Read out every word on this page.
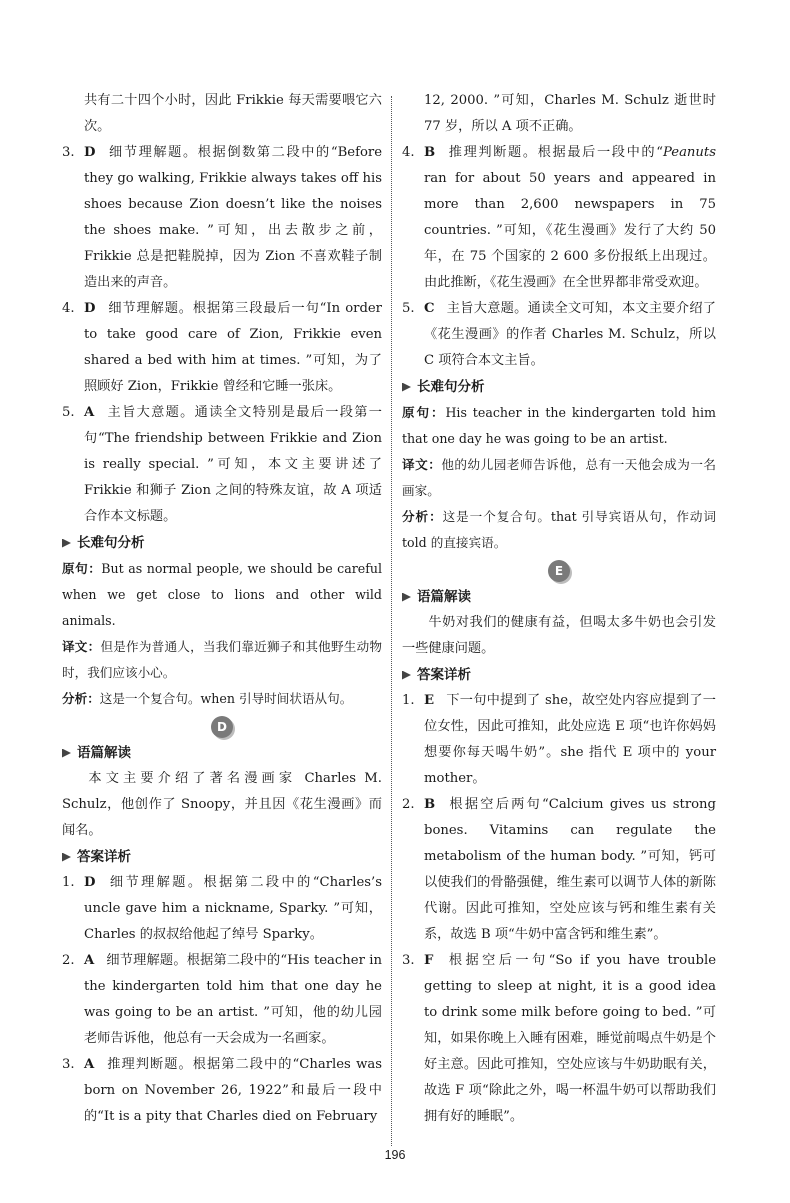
共有二十四个小时，因此 Frikkie 每天需要喂它六次。
3. D 细节理解题。根据倒数第二段中的“Before they go walking, Frikkie always takes off his shoes because Zion doesn’t like the noises the shoes make. ”可知，出去散步之前，Frikkie 总是把鞋脱掉，因为 Zion 不喜欢鞋子制造出来的声音。
4. D 细节理解题。根据第三段最后一句“In order to take good care of Zion, Frikkie even shared a bed with him at times. ”可知，为了照顾好 Zion，Frikkie 曾经和它睡一张床。
5. A 主旨大意题。通读全文特别是最后一段第一句“The friendship between Frikkie and Zion is really special. ”可知，本文主要讲述了 Frikkie 和狮子 Zion 之间的特殊友谊，故 A 项适合作本文标题。
长难句分析
原句：But as normal people, we should be careful when we get close to lions and other wild animals.
译文：但是作为普通人，当我们靠近狮子和其他野生动物时，我们应该小心。
分析：这是一个复合句。when 引导时间状语从句。
D
语篇解读
本文主要介绍了著名漫画家 Charles M. Schulz，他创作了 Snoopy，并且因《花生漫画》而闻名。
答案详析
1. D 细节理解题。根据第二段中的“Charles’s uncle gave him a nickname, Sparky. ”可知，Charles 的叔叔给他起了绰号 Sparky。
2. A 细节理解题。根据第二段中的“His teacher in the kindergarten told him that one day he was going to be an artist. ”可知，他的幼儿园老师告诉他，他总有一天会成为一名画家。
3. A 推理判断题。根据第二段中的“Charles was born on November 26, 1922”和最后一段中的“It is a pity that Charles died on February
12, 2000. ”可知，Charles M. Schulz 逝世时 77 岁，所以 A 项不正确。
4. B 推理判断题。根据最后一段中的“Peanuts ran for about 50 years and appeared in more than 2,600 newspapers in 75 countries. ”可知，《花生漫画》发行了大约 50 年，在 75 个国家的 2 600 多份报纸上出现过。由此推断，《花生漫画》在全世界都非常受欢迎。
5. C 主旨大意题。通读全文可知，本文主要介绍了《花生漫画》的作者 Charles M. Schulz，所以 C 项符合本文主旨。
长难句分析
原句：His teacher in the kindergarten told him that one day he was going to be an artist.
译文：他的幼儿园老师告诉他，总有一天他会成为一名画家。
分析：这是一个复合句。that 引导宾语从句，作动词 told 的直接宾语。
E
语篇解读
牛奶对我们的健康有益，但喝太多牛奶也会引发一些健康问题。
答案详析
1. E 下一句中提到了 she，故空处内容应提到了一位女性，因此可推知，此处应选 E 项“也许你妈妈想要你每天喝牛奶”。she 指代 E 项中的 your mother。
2. B 根据空后两句“Calcium gives us strong bones. Vitamins can regulate the metabolism of the human body. ”可知，钙可以使我们的骨骼强健，维生素可以调节人体的新陈代谢。因此可推知，空处应该与钙和维生素有关系，故选 B 项“牛奶中富含钙和维生素”。
3. F 根据空后一句“So if you have trouble getting to sleep at night, it is a good idea to drink some milk before going to bed. ”可知，如果你晚上入睡有困难，睡觉前喝点牛奶是个好主意。因此可推知，空处应该与牛奶助眠有关，故选 F 项“除此之外，喝一杯温牛奶可以帮助我们拥有好的睡眠”。
196
